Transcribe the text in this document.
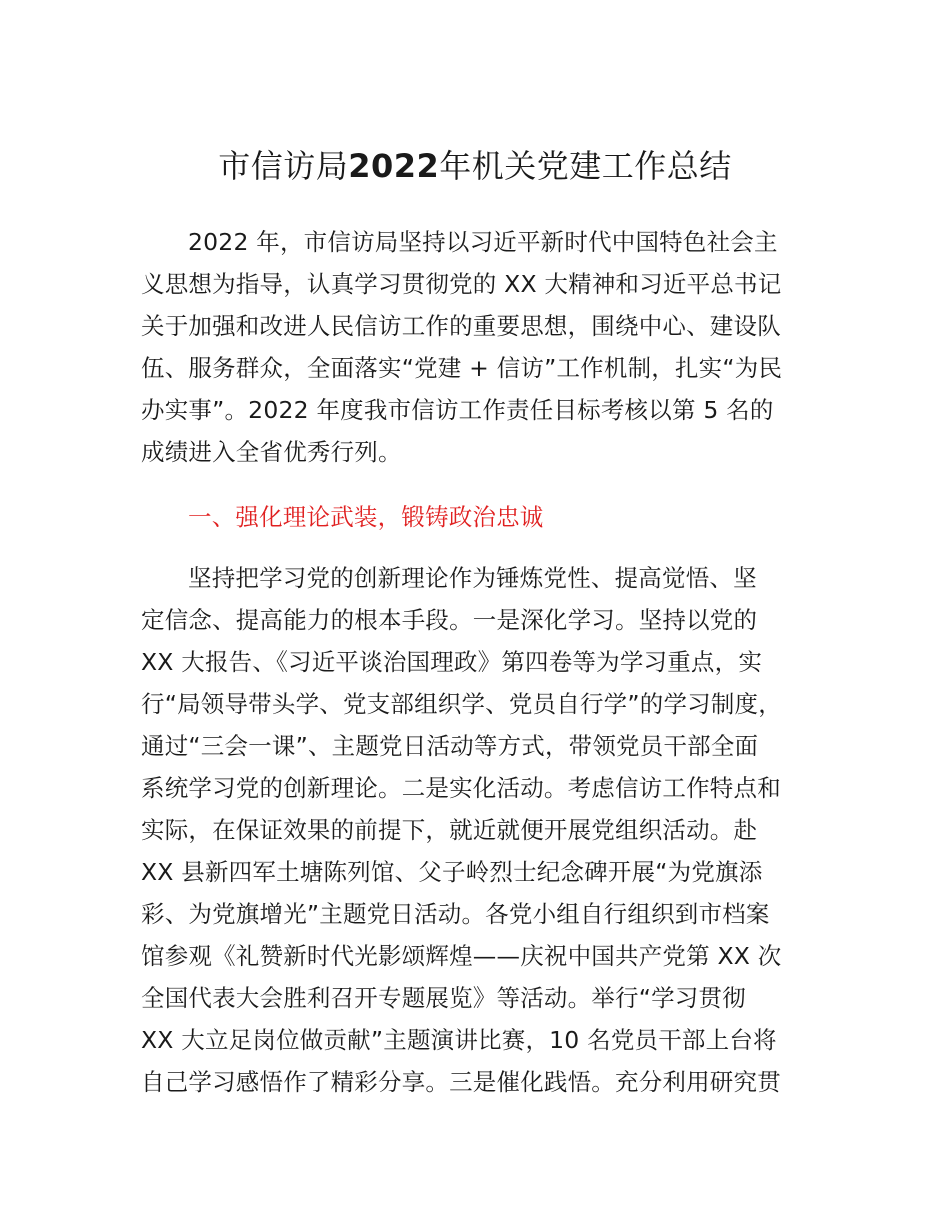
市信访局2022年机关党建工作总结
2022 年，市信访局坚持以习近平新时代中国特色社会主
义思想为指导，认真学习贯彻党的 XX 大精神和习近平总书记
关于加强和改进人民信访工作的重要思想，围绕中心、建设队
伍、服务群众，全面落实“党建 + 信访”工作机制，扎实“为民
办实事”。2022 年度我市信访工作责任目标考核以第 5 名的
成绩进入全省优秀行列。
一、强化理论武装，锻铸政治忠诚
坚持把学习党的创新理论作为锤炼党性、提高觉悟、坚
定信念、提高能力的根本手段。一是深化学习。坚持以党的
XX 大报告、《习近平谈治国理政》第四卷等为学习重点，实
行“局领导带头学、党支部组织学、党员自行学”的学习制度，
通过“三会一课”、主题党日活动等方式，带领党员干部全面
系统学习党的创新理论。二是实化活动。考虑信访工作特点和
实际，在保证效果的前提下，就近就便开展党组织活动。赴
XX 县新四军土塘陈列馆、父子岭烈士纪念碑开展“为党旗添
彩、为党旗增光”主题党日活动。各党小组自行组织到市档案
馆参观《礼赞新时代光影颂辉煌——庆祝中国共产党第 XX 次
全国代表大会胜利召开专题展览》等活动。举行“学习贯彻
XX 大立足岗位做贡献”主题演讲比赛，10 名党员干部上台将
自己学习感悟作了精彩分享。三是催化践悟。充分利用研究贯
